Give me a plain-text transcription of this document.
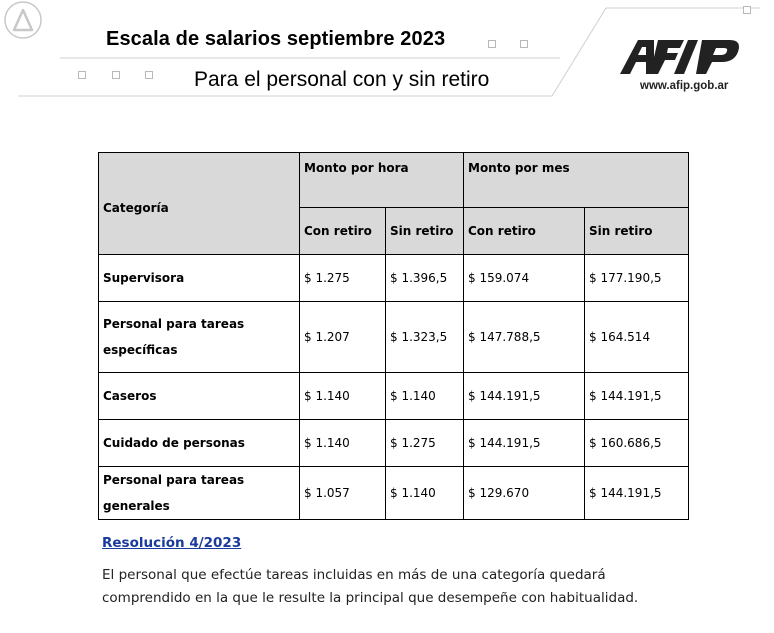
Escala de salarios septiembre 2023
Para el personal con y sin retiro
AFIP
www.afip.gob.ar
Categoría	Monto por hora		Monto por mes	
	Con retiro	Sin retiro	Con retiro	Sin retiro
Supervisora	$ 1.275	$ 1.396,5	$ 159.074	$ 177.190,5
Personal para tareas específicas	$ 1.207	$ 1.323,5	$ 147.788,5	$ 164.514
Caseros	$ 1.140	$ 1.140	$ 144.191,5	$ 144.191,5
Cuidado de personas	$ 1.140	$ 1.275	$ 144.191,5	$ 160.686,5
Personal para tareas generales	$ 1.057	$ 1.140	$ 129.670	$ 144.191,5
Resolución 4/2023
El personal que efectúe tareas incluidas en más de una categoría quedará comprendido en la que le resulte la principal que desempeñe con habitualidad.
